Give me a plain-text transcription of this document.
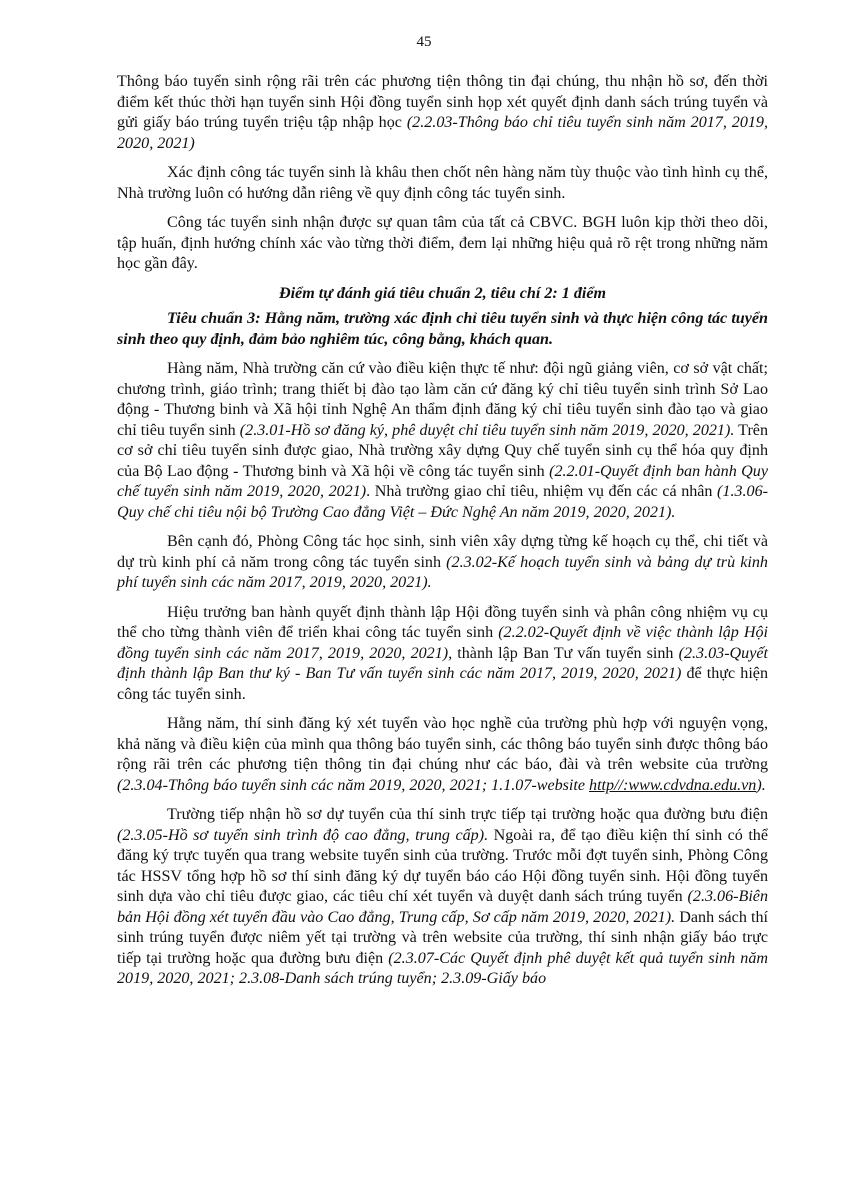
45

Thông báo tuyển sinh rộng rãi trên các phương tiện thông tin đại chúng, thu nhận hồ sơ, đến thời điểm kết thúc thời hạn tuyển sinh Hội đồng tuyển sinh họp xét quyết định danh sách trúng tuyển và gửi giấy báo trúng tuyển triệu tập nhập học (2.2.03-Thông báo chỉ tiêu tuyển sinh năm 2017, 2019, 2020, 2021)

Xác định công tác tuyển sinh là khâu then chốt nên hàng năm tùy thuộc vào tình hình cụ thể, Nhà trường luôn có hướng dẫn riêng về quy định công tác tuyển sinh.

Công tác tuyển sinh nhận được sự quan tâm của tất cả CBVC. BGH luôn kịp thời theo dõi, tập huấn, định hướng chính xác vào từng thời điểm, đem lại những hiệu quả rõ rệt trong những năm học gần đây.

Điểm tự đánh giá tiêu chuẩn 2, tiêu chí 2: 1 điểm

Tiêu chuẩn 3: Hằng năm, trường xác định chỉ tiêu tuyển sinh và thực hiện công tác tuyển sinh theo quy định, đảm bảo nghiêm túc, công bằng, khách quan.

Hàng năm, Nhà trường căn cứ vào điều kiện thực tế như: đội ngũ giảng viên, cơ sở vật chất; chương trình, giáo trình; trang thiết bị đào tạo làm căn cứ đăng ký chỉ tiêu tuyển sinh trình Sở Lao động - Thương binh và Xã hội tỉnh Nghệ An thẩm định đăng ký chỉ tiêu tuyển sinh đào tạo và giao chỉ tiêu tuyển sinh (2.3.01-Hồ sơ đăng ký, phê duyệt chỉ tiêu tuyển sinh năm 2019, 2020, 2021). Trên cơ sở chỉ tiêu tuyển sinh được giao, Nhà trường xây dựng Quy chế tuyển sinh cụ thể hóa quy định của Bộ Lao động - Thương binh và Xã hội về công tác tuyển sinh (2.2.01-Quyết định ban hành Quy chế tuyển sinh năm 2019, 2020, 2021). Nhà trường giao chỉ tiêu, nhiệm vụ đến các cá nhân (1.3.06-Quy chế chi tiêu nội bộ Trường Cao đẳng Việt – Đức Nghệ An năm 2019, 2020, 2021).

Bên cạnh đó, Phòng Công tác học sinh, sinh viên xây dựng từng kế hoạch cụ thể, chi tiết và dự trù kinh phí cả năm trong công tác tuyển sinh (2.3.02-Kế hoạch tuyển sinh và bảng dự trù kinh phí tuyển sinh các năm 2017, 2019, 2020, 2021).

Hiệu trưởng ban hành quyết định thành lập Hội đồng tuyển sinh và phân công nhiệm vụ cụ thể cho từng thành viên để triển khai công tác tuyển sinh (2.2.02-Quyết định về việc thành lập Hội đồng tuyển sinh các năm 2017, 2019, 2020, 2021), thành lập Ban Tư vấn tuyển sinh (2.3.03-Quyết định thành lập Ban thư ký - Ban Tư vấn tuyển sinh các năm 2017, 2019, 2020, 2021) để thực hiện công tác tuyển sinh.

Hằng năm, thí sinh đăng ký xét tuyển vào học nghề của trường phù hợp với nguyện vọng, khả năng và điều kiện của mình qua thông báo tuyển sinh, các thông báo tuyển sinh được thông báo rộng rãi trên các phương tiện thông tin đại chúng như các báo, đài và trên website của trường (2.3.04-Thông báo tuyển sinh các năm 2019, 2020, 2021; 1.1.07-website http//:www.cdvdna.edu.vn).

Trường tiếp nhận hồ sơ dự tuyển của thí sinh trực tiếp tại trường hoặc qua đường bưu điện (2.3.05-Hồ sơ tuyển sinh trình độ cao đẳng, trung cấp). Ngoài ra, để tạo điều kiện thí sinh có thể đăng ký trực tuyến qua trang website tuyển sinh của trường. Trước mỗi đợt tuyển sinh, Phòng Công tác HSSV tổng hợp hồ sơ thí sinh đăng ký dự tuyển báo cáo Hội đồng tuyển sinh. Hội đồng tuyển sinh dựa vào chỉ tiêu được giao, các tiêu chí xét tuyển và duyệt danh sách trúng tuyển (2.3.06-Biên bản Hội đồng xét tuyển đầu vào Cao đẳng, Trung cấp, Sơ cấp năm 2019, 2020, 2021). Danh sách thí sinh trúng tuyển được niêm yết tại trường và trên website của trường, thí sinh nhận giấy báo trực tiếp tại trường hoặc qua đường bưu điện (2.3.07-Các Quyết định phê duyệt kết quả tuyển sinh năm 2019, 2020, 2021; 2.3.08-Danh sách trúng tuyển; 2.3.09-Giấy báo
